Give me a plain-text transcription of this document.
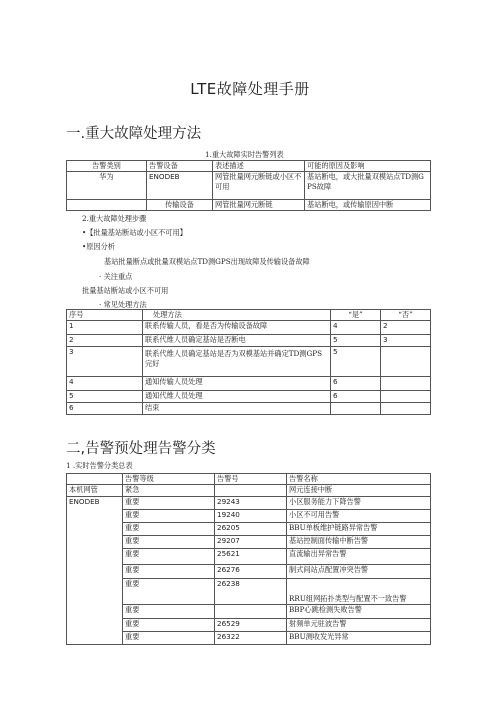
LTE故障处理手册
一.重大故障处理方法
1.重大故障实时告警列表
告警类别	告警设备	表述描述	可能的原因及影响
华为	ENODEB	网管批量网元断链或小区不可用	基站断电，或大批量双模站点TD测GPS故障
	传输设备	网管批量网元断链	基站断电，或传输原因中断
2.重大故障处理步骤
•【批量基站断站或小区不可用】
•原因分析
基站批量断点或批量双模站点TD测GPS出现故障及传输设备故障
· 关注重点
批量基站断站或小区不可用
· 常见处理方法
序号	处理方法	“是”	“否”
1	联系传输人员，看是否为传输设备故障	4	2
2	联系代维人员确定基站是否断电	5	3
3	联系代维人员确定基站是否为双模基站并确定TD测GPS完好	5	
4	通知传输人员处理	6	
5	通知代维人员处理	6	
6	结束		
二,告警预处理告警分类
1 .实时告警分类总表
	告警等级	告警号	告警名称
本机网管	紧急		网元连接中断
ENODEB	重要	29243	小区服务能力下降告警
	重要	19240	小区不可用告警
	重要	26205	BBU单板维护链路异常告警
	重要	29207	基站控制面传输中断告警
	重要	25621	直流输出异常告警
	重要	26276	制式间站点配置冲突告警
	重要	26238	RRU组网拓扑类型与配置不一致告警
	重要		BBP心跳检测失败告警
	重要	26529	射频单元驻波告警
	重要	26322	BBU测收发光异常
